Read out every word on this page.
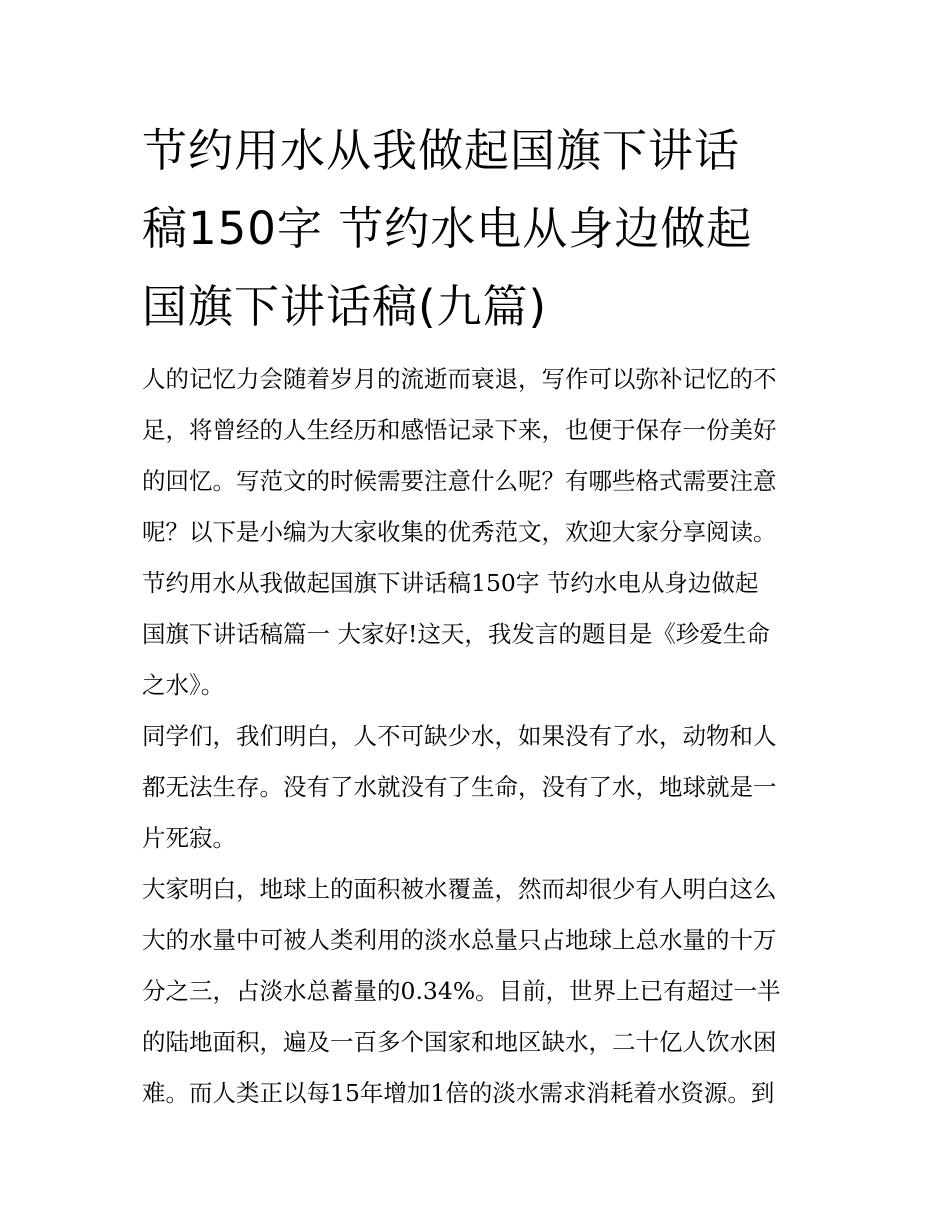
节约用水从我做起国旗下讲话
稿150字 节约水电从身边做起
国旗下讲话稿(九篇)

人的记忆力会随着岁月的流逝而衰退，写作可以弥补记忆的不
足，将曾经的人生经历和感悟记录下来，也便于保存一份美好
的回忆。写范文的时候需要注意什么呢？有哪些格式需要注意
呢？以下是小编为大家收集的优秀范文，欢迎大家分享阅读。

节约用水从我做起国旗下讲话稿150字 节约水电从身边做起
国旗下讲话稿篇一 大家好!这天，我发言的题目是《珍爱生命
之水》。

同学们，我们明白，人不可缺少水，如果没有了水，动物和人
都无法生存。没有了水就没有了生命，没有了水，地球就是一
片死寂。

大家明白，地球上的面积被水覆盖，然而却很少有人明白这么
大的水量中可被人类利用的淡水总量只占地球上总水量的十万
分之三，占淡水总蓄量的0.34%。目前，世界上已有超过一半
的陆地面积，遍及一百多个国家和地区缺水，二十亿人饮水困
难。而人类正以每15年增加1倍的淡水需求消耗着水资源。到
